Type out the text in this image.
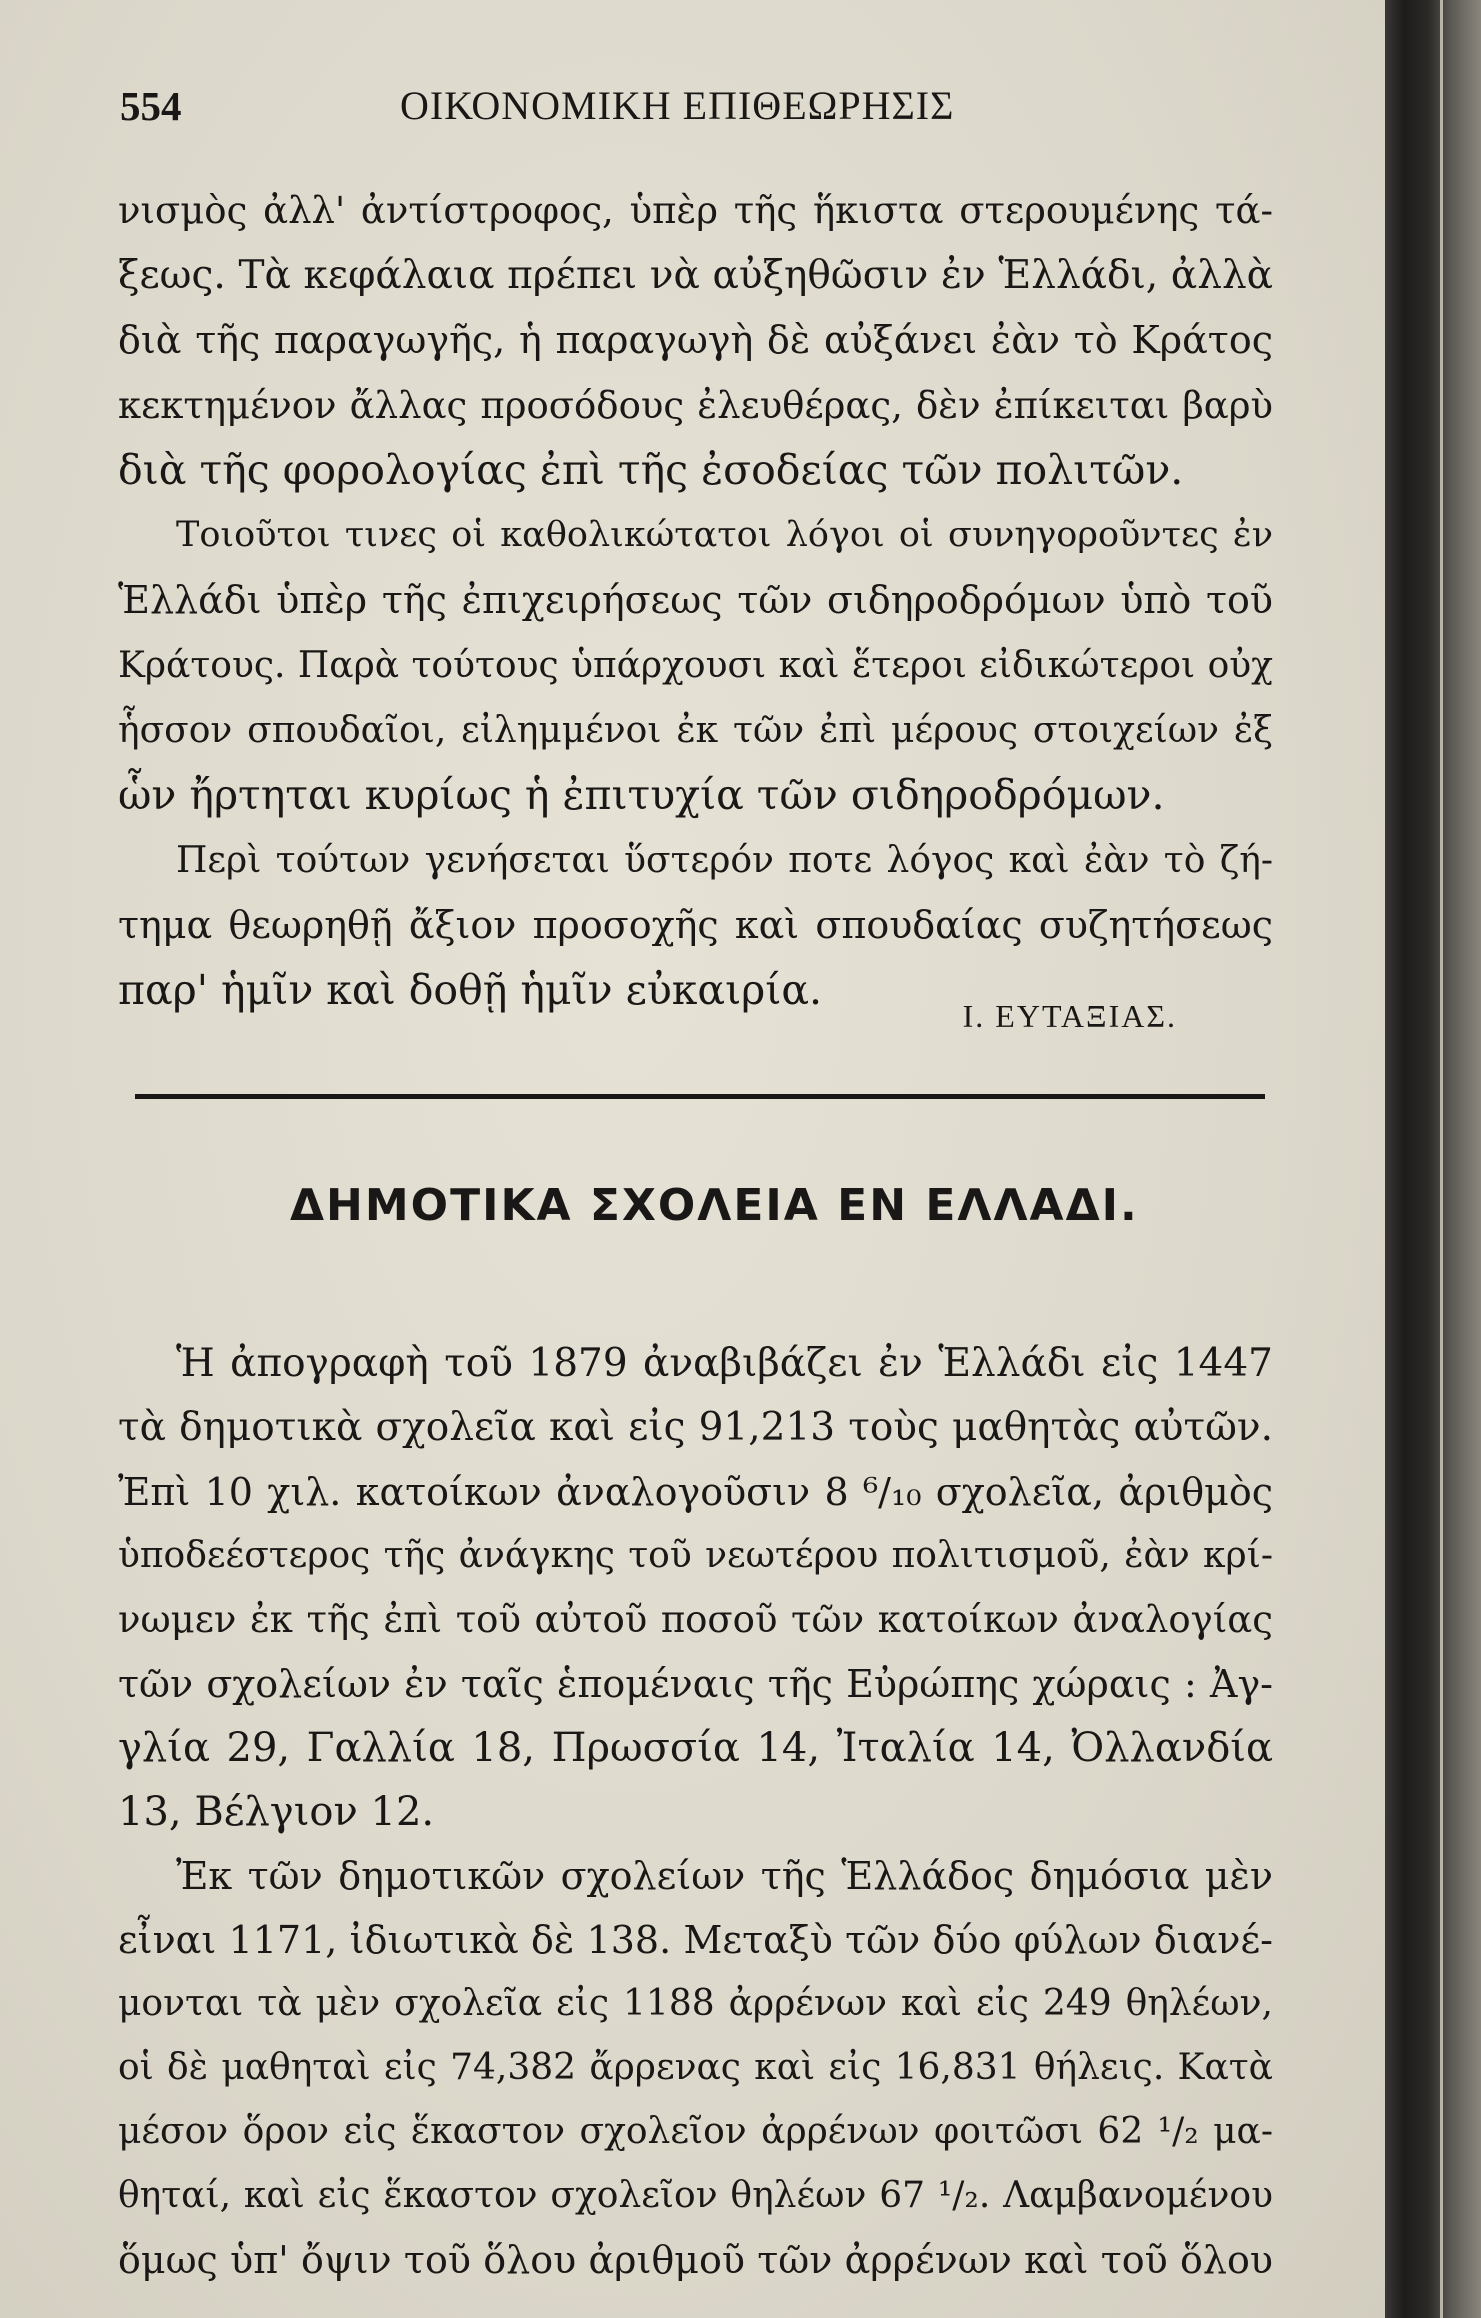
554	ΟΙΚΟΝΟΜΙΚΗ ΕΠΙΘΕΩΡΗΣΙΣ
νισμὸς ἀλλ' ἀντίστροφος, ὑπὲρ τῆς ἥκιστα στερουμένης τά-
ξεως. Τὰ κεφάλαια πρέπει νὰ αὐξηθῶσιν ἐν Ἑλλάδι, ἀλλὰ
διὰ τῆς παραγωγῆς, ἡ παραγωγὴ δὲ αὐξάνει ἐὰν τὸ Κράτος
κεκτημένον ἄλλας προσόδους ἐλευθέρας, δὲν ἐπίκειται βαρὺ
διὰ τῆς φορολογίας ἐπὶ τῆς ἐσοδείας τῶν πολιτῶν.
Τοιοῦτοι τινες οἱ καθολικώτατοι λόγοι οἱ συνηγοροῦντες ἐν
Ἑλλάδι ὑπὲρ τῆς ἐπιχειρήσεως τῶν σιδηροδρόμων ὑπὸ τοῦ
Κράτους. Παρὰ τούτους ὑπάρχουσι καὶ ἕτεροι εἰδικώτεροι οὐχ
ἧσσον σπουδαῖοι, εἰλημμένοι ἐκ τῶν ἐπὶ μέρους στοιχείων ἐξ
ὧν ἤρτηται κυρίως ἡ ἐπιτυχία τῶν σιδηροδρόμων.
Περὶ τούτων γενήσεται ὕστερόν ποτε λόγος καὶ ἐὰν τὸ ζή-
τημα θεωρηθῇ ἄξιον προσοχῆς καὶ σπουδαίας συζητήσεως
παρ' ἡμῖν καὶ δοθῇ ἡμῖν εὐκαιρία.
Ι. ΕΥΤΑΞΙΑΣ.
ΔΗΜΟΤΙΚΑ ΣΧΟΛΕΙΑ ΕΝ ΕΛΛΑΔΙ.
Ἡ ἀπογραφὴ τοῦ 1879 ἀναβιβάζει ἐν Ἑλλάδι εἰς 1447
τὰ δημοτικὰ σχολεῖα καὶ εἰς 91,213 τοὺς μαθητὰς αὐτῶν.
Ἐπὶ 10 χιλ. κατοίκων ἀναλογοῦσιν 8 ⁶/₁₀ σχολεῖα, ἀριθμὸς
ὑποδεέστερος τῆς ἀνάγκης τοῦ νεωτέρου πολιτισμοῦ, ἐὰν κρί-
νωμεν ἐκ τῆς ἐπὶ τοῦ αὐτοῦ ποσοῦ τῶν κατοίκων ἀναλογίας
τῶν σχολείων ἐν ταῖς ἑπομέναις τῆς Εὐρώπης χώραις : Ἀγ-
γλία 29, Γαλλία 18, Πρωσσία 14, Ἰταλία 14, Ὀλλανδία
13, Βέλγιον 12.
Ἐκ τῶν δημοτικῶν σχολείων τῆς Ἑλλάδος δημόσια μὲν
εἶναι 1171, ἰδιωτικὰ δὲ 138. Μεταξὺ τῶν δύο φύλων διανέ-
μονται τὰ μὲν σχολεῖα εἰς 1188 ἀρρένων καὶ εἰς 249 θηλέων,
οἱ δὲ μαθηταὶ εἰς 74,382 ἄρρενας καὶ εἰς 16,831 θήλεις. Κατὰ
μέσον ὅρον εἰς ἕκαστον σχολεῖον ἀρρένων φοιτῶσι 62 ¹/₂ μα-
θηταί, καὶ εἰς ἕκαστον σχολεῖον θηλέων 67 ¹/₂. Λαμβανομένου
ὅμως ὑπ' ὄψιν τοῦ ὅλου ἀριθμοῦ τῶν ἀρρένων καὶ τοῦ ὅλου
